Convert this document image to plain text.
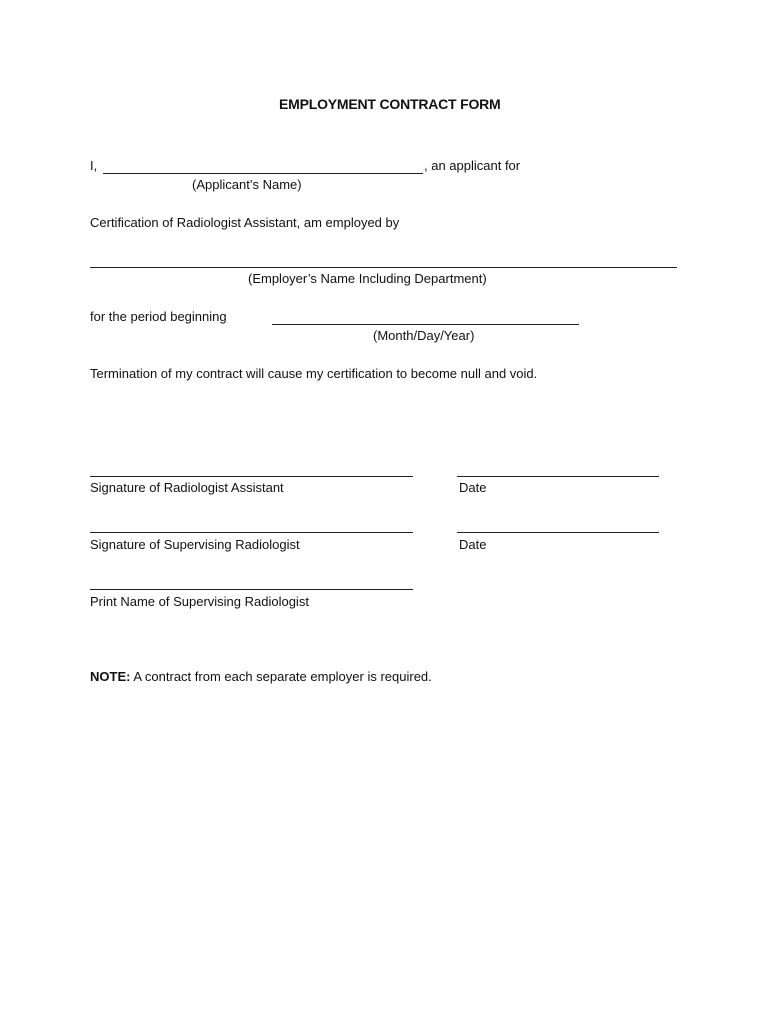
EMPLOYMENT CONTRACT FORM
I,	, an applicant for
(Applicant’s Name)
Certification of Radiologist Assistant, am employed by
(Employer’s Name Including Department)
for the period beginning
(Month/Day/Year)
Termination of my contract will cause my certification to become null and void.
Signature of Radiologist Assistant	Date
Signature of Supervising Radiologist	Date
Print Name of Supervising Radiologist
NOTE: A contract from each separate employer is required.
